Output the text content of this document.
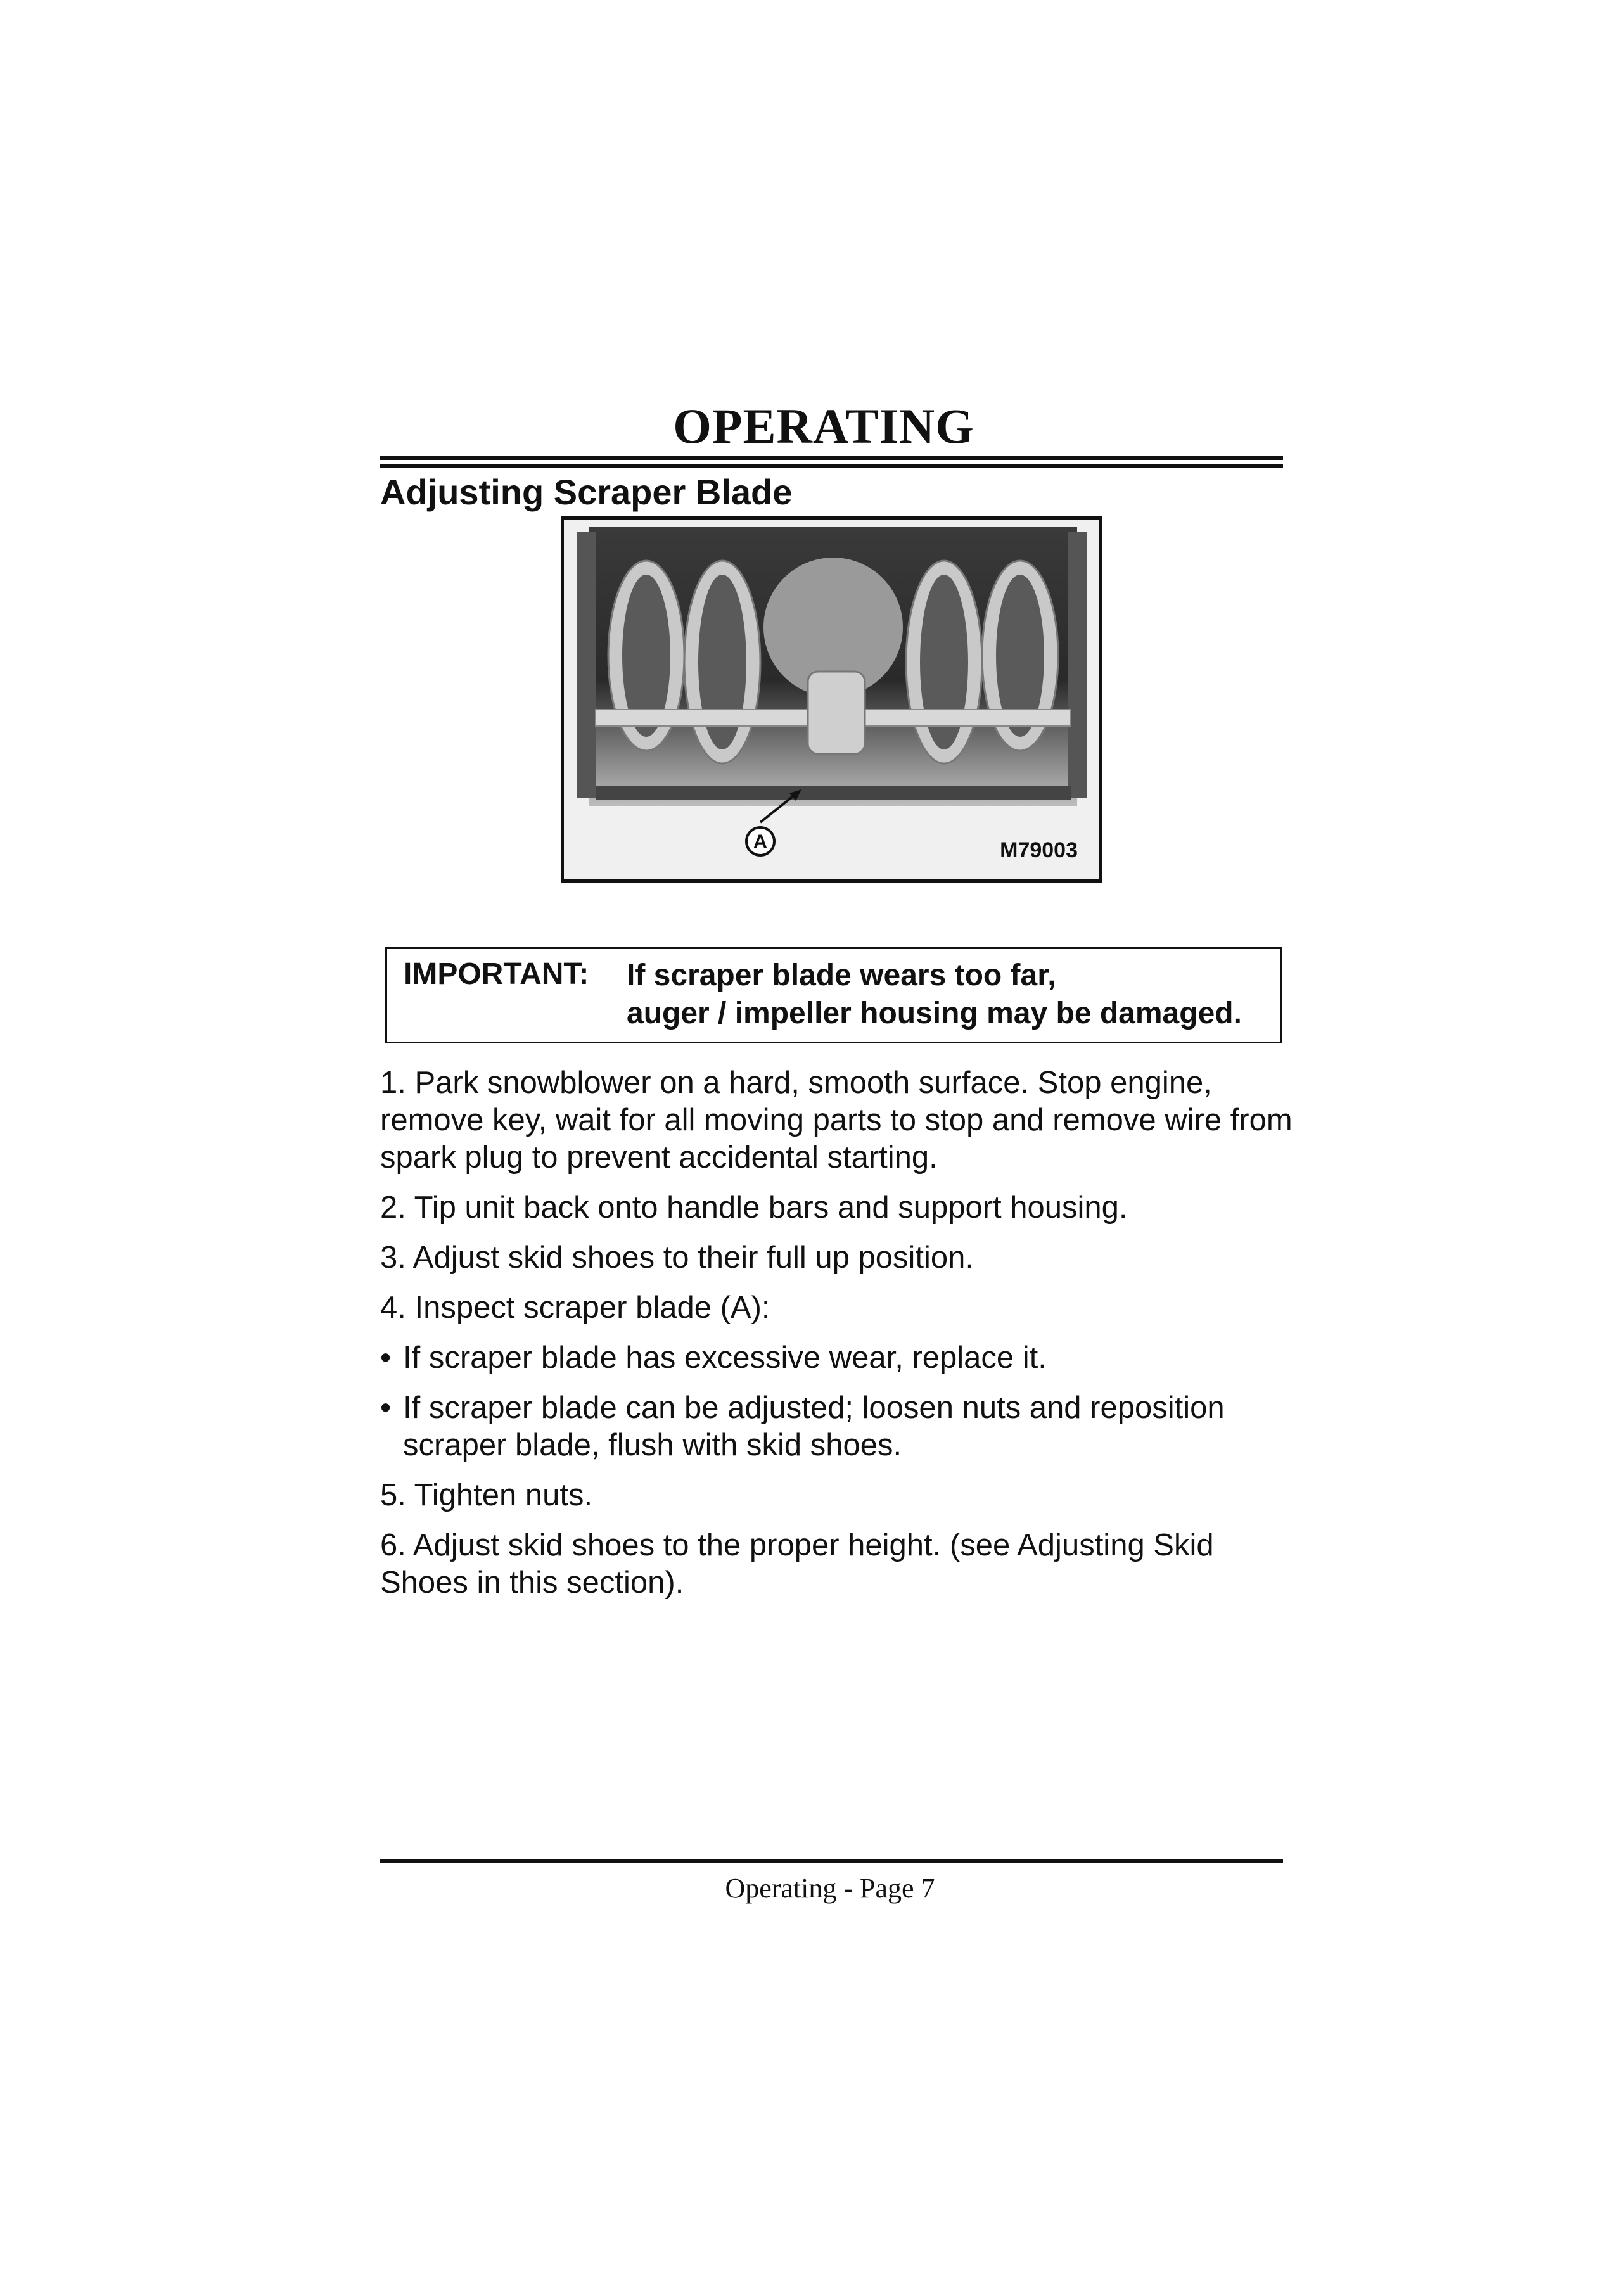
OPERATING
Adjusting Scraper Blade
A	M79003
IMPORTANT: If scraper blade wears too far,
auger / impeller housing may be damaged.

1. Park snowblower on a hard, smooth surface. Stop engine, remove key, wait for all moving parts to stop and remove wire from spark plug to prevent accidental starting.

2. Tip unit back onto handle bars and support housing.

3. Adjust skid shoes to their full up position.

4. Inspect scraper blade (A):

• If scraper blade has excessive wear, replace it.
• If scraper blade can be adjusted; loosen nuts and reposition scraper blade, flush with skid shoes.

5. Tighten nuts.

6. Adjust skid shoes to the proper height. (see Adjusting Skid Shoes in this section).

Operating - Page 7
